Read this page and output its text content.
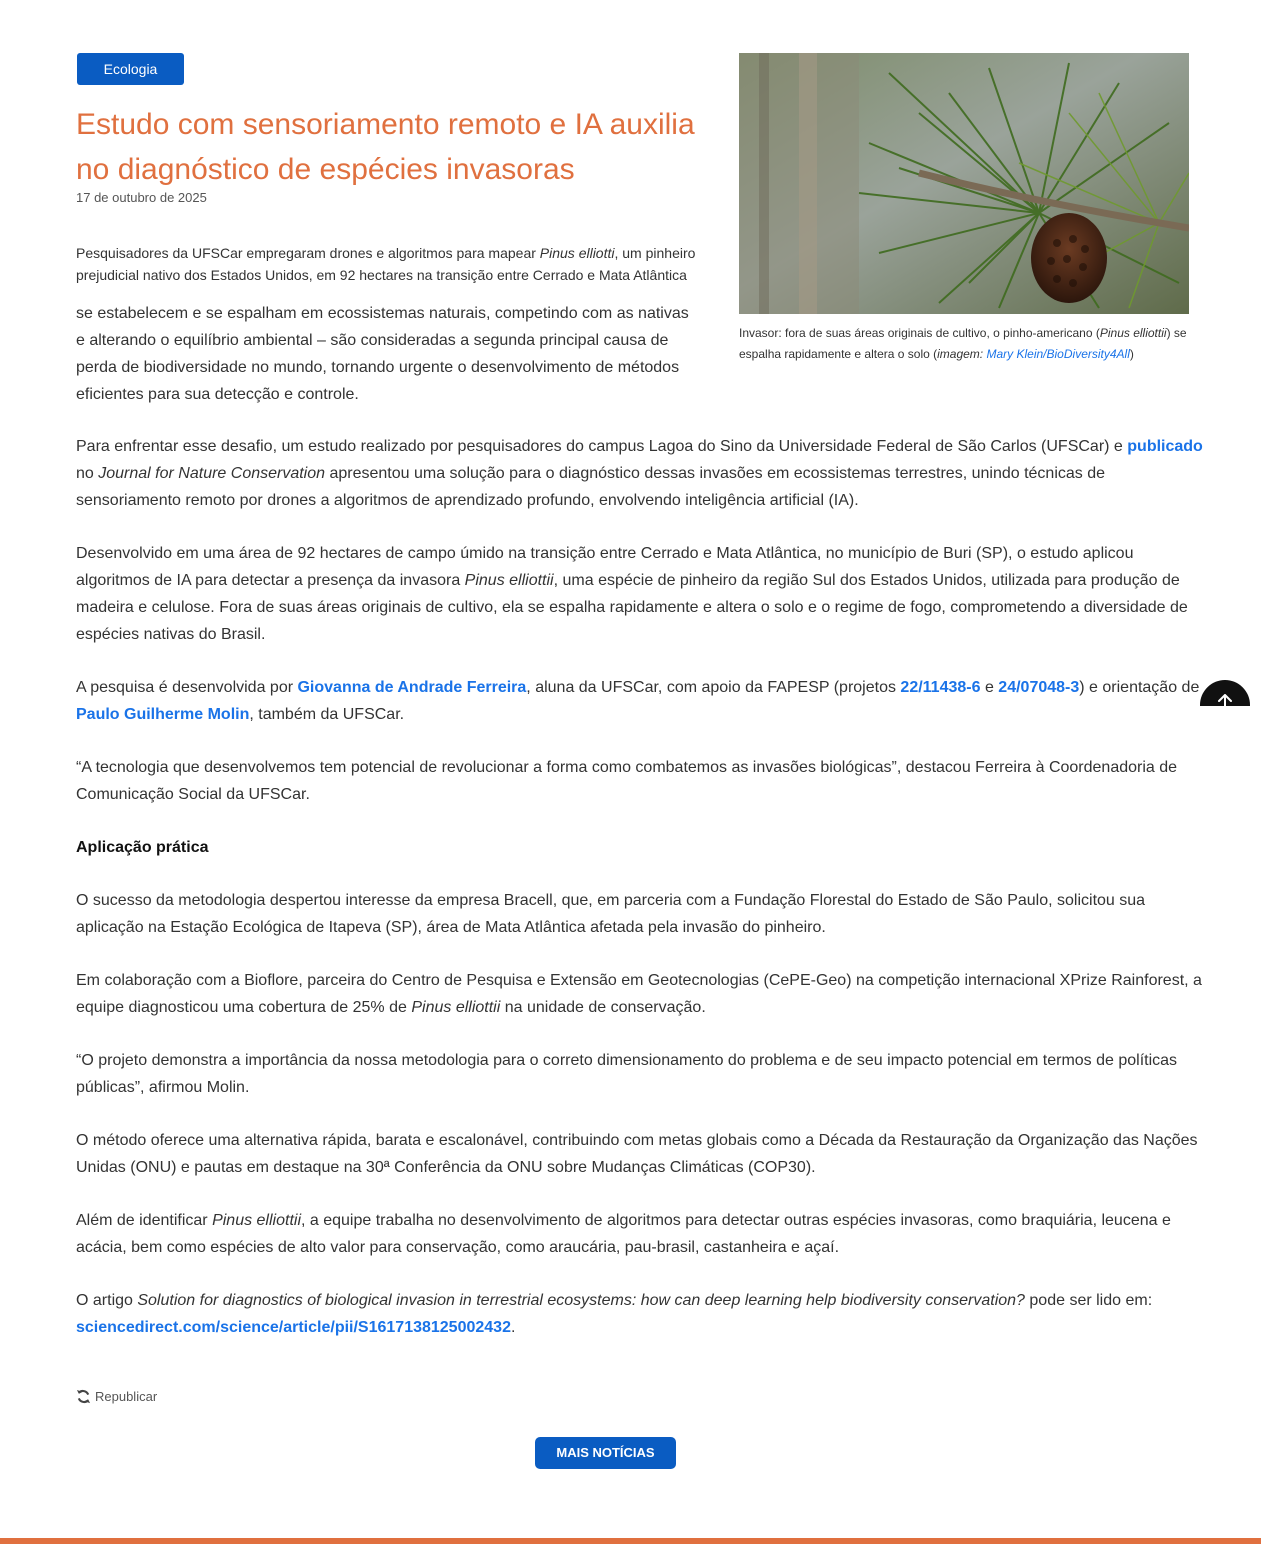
Ecologia
Estudo com sensoriamento remoto e IA auxilia no diagnóstico de espécies invasoras
17 de outubro de 2025

Pesquisadores da UFSCar empregaram drones e algoritmos para mapear Pinus elliotti, um pinheiro prejudicial nativo dos Estados Unidos, em 92 hectares na transição entre Cerrado e Mata Atlântica

se estabelecem e se espalham em ecossistemas naturais, competindo com as nativas e alterando o equilíbrio ambiental – são consideradas a segunda principal causa de perda de biodiversidade no mundo, tornando urgente o desenvolvimento de métodos eficientes para sua detecção e controle.

Invasor: fora de suas áreas originais de cultivo, o pinho-americano (Pinus elliottii) se espalha rapidamente e altera o solo (imagem: Mary Klein/BioDiversity4All)

Para enfrentar esse desafio, um estudo realizado por pesquisadores do campus Lagoa do Sino da Universidade Federal de São Carlos (UFSCar) e publicado no Journal for Nature Conservation apresentou uma solução para o diagnóstico dessas invasões em ecossistemas terrestres, unindo técnicas de sensoriamento remoto por drones a algoritmos de aprendizado profundo, envolvendo inteligência artificial (IA).

Desenvolvido em uma área de 92 hectares de campo úmido na transição entre Cerrado e Mata Atlântica, no município de Buri (SP), o estudo aplicou algoritmos de IA para detectar a presença da invasora Pinus elliottii, uma espécie de pinheiro da região Sul dos Estados Unidos, utilizada para produção de madeira e celulose. Fora de suas áreas originais de cultivo, ela se espalha rapidamente e altera o solo e o regime de fogo, comprometendo a diversidade de espécies nativas do Brasil.

A pesquisa é desenvolvida por Giovanna de Andrade Ferreira, aluna da UFSCar, com apoio da FAPESP (projetos 22/11438-6 e 24/07048-3) e orientação de Paulo Guilherme Molin, também da UFSCar.

“A tecnologia que desenvolvemos tem potencial de revolucionar a forma como combatemos as invasões biológicas”, destacou Ferreira à Coordenadoria de Comunicação Social da UFSCar.

Aplicação prática

O sucesso da metodologia despertou interesse da empresa Bracell, que, em parceria com a Fundação Florestal do Estado de São Paulo, solicitou sua aplicação na Estação Ecológica de Itapeva (SP), área de Mata Atlântica afetada pela invasão do pinheiro.

Em colaboração com a Bioflore, parceira do Centro de Pesquisa e Extensão em Geotecnologias (CePE-Geo) na competição internacional XPrize Rainforest, a equipe diagnosticou uma cobertura de 25% de Pinus elliottii na unidade de conservação.

“O projeto demonstra a importância da nossa metodologia para o correto dimensionamento do problema e de seu impacto potencial em termos de políticas públicas”, afirmou Molin.

O método oferece uma alternativa rápida, barata e escalonável, contribuindo com metas globais como a Década da Restauração da Organização das Nações Unidas (ONU) e pautas em destaque na 30ª Conferência da ONU sobre Mudanças Climáticas (COP30).

Além de identificar Pinus elliottii, a equipe trabalha no desenvolvimento de algoritmos para detectar outras espécies invasoras, como braquiária, leucena e acácia, bem como espécies de alto valor para conservação, como araucária, pau-brasil, castanheira e açaí.

O artigo Solution for diagnostics of biological invasion in terrestrial ecosystems: how can deep learning help biodiversity conservation? pode ser lido em: sciencedirect.com/science/article/pii/S1617138125002432.

Republicar
MAIS NOTÍCIAS
